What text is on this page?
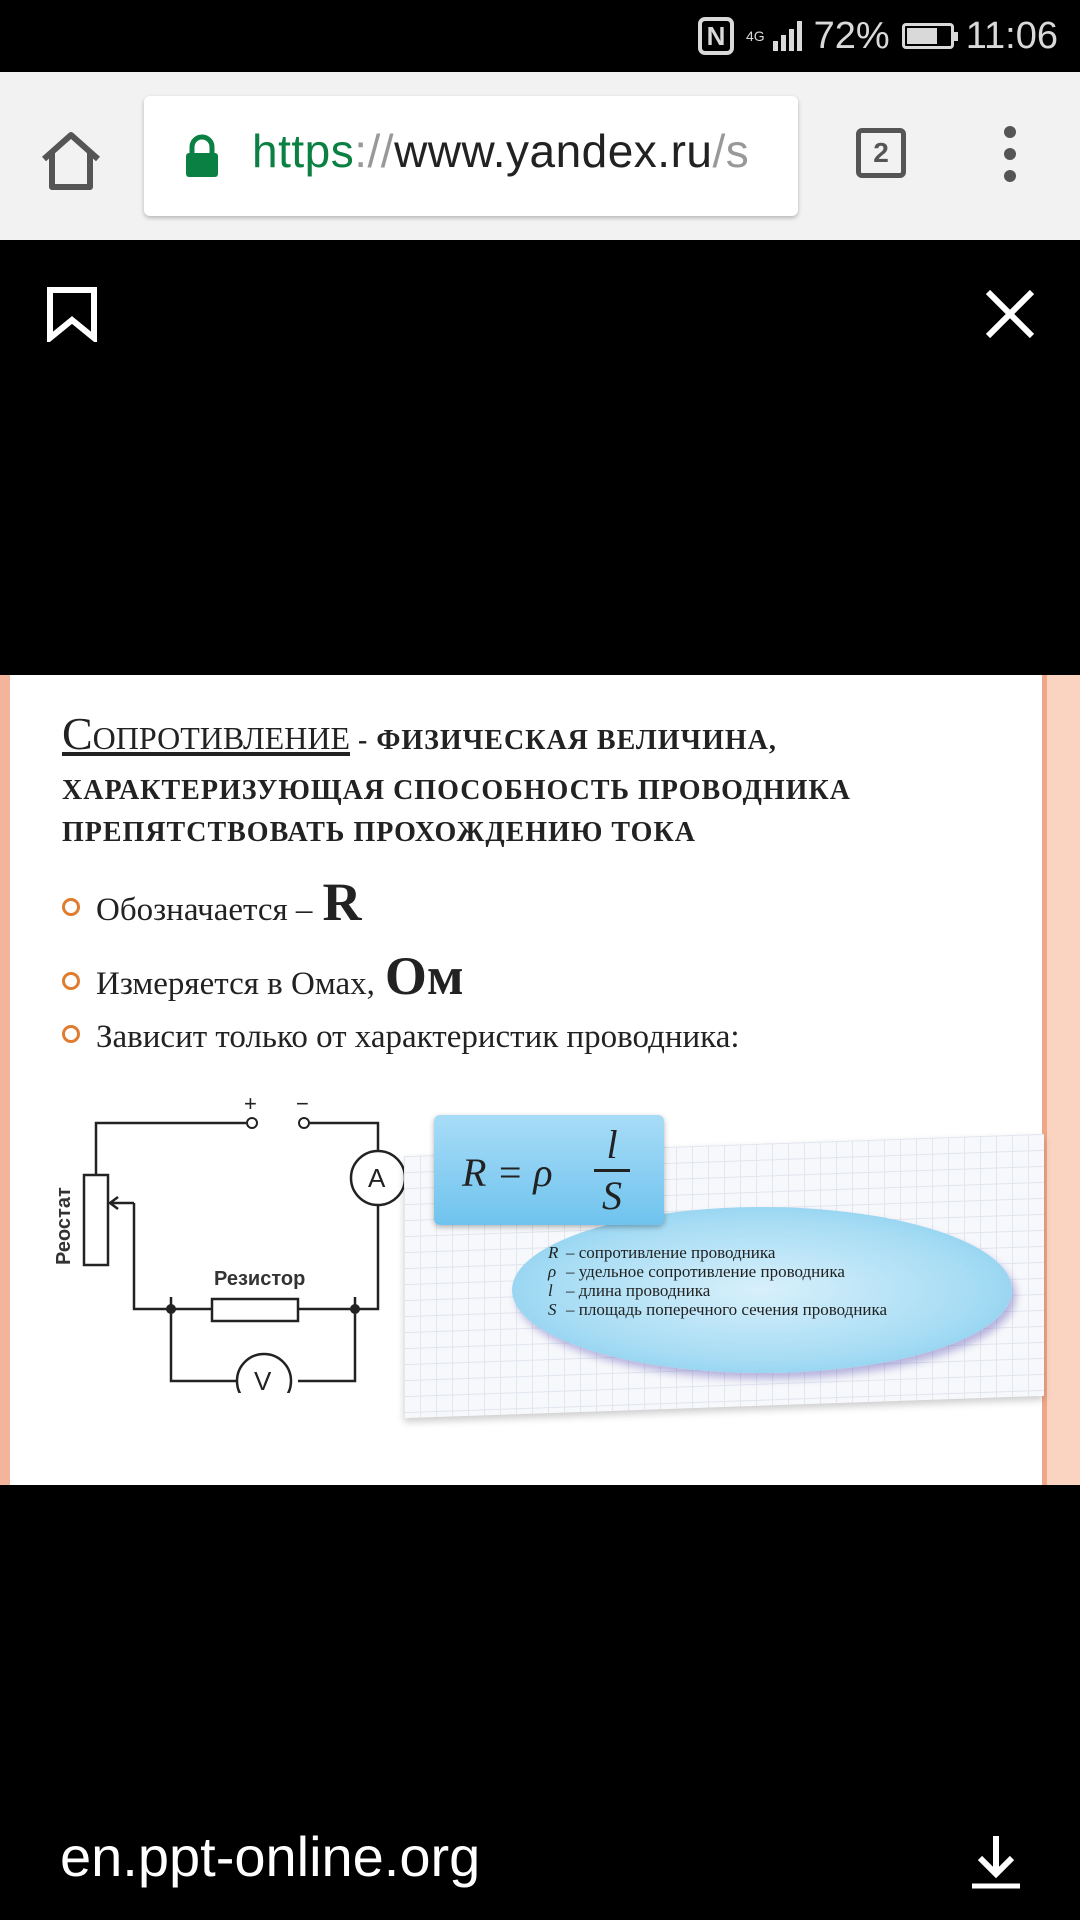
N	4G 72% 11:06
https://www.yandex.ru/s	2
Сопротивление - ФИЗИЧЕСКАЯ ВЕЛИЧИНА,
ХАРАКТЕРИЗУЮЩАЯ СПОСОБНОСТЬ ПРОВОДНИКА
ПРЕПЯТСТВОВАТЬ ПРОХОЖДЕНИЮ ТОКА
Обозначается – R
Измеряется в Омах, Ом
Зависит только от характеристик проводника:
+ −
A
Резистор
V
Реостат
R = ρ
l
S
R – сопротивление проводника
ρ – удельное сопротивление проводника
l – длина проводника
S – площадь поперечного сечения проводника
en.ppt-online.org
